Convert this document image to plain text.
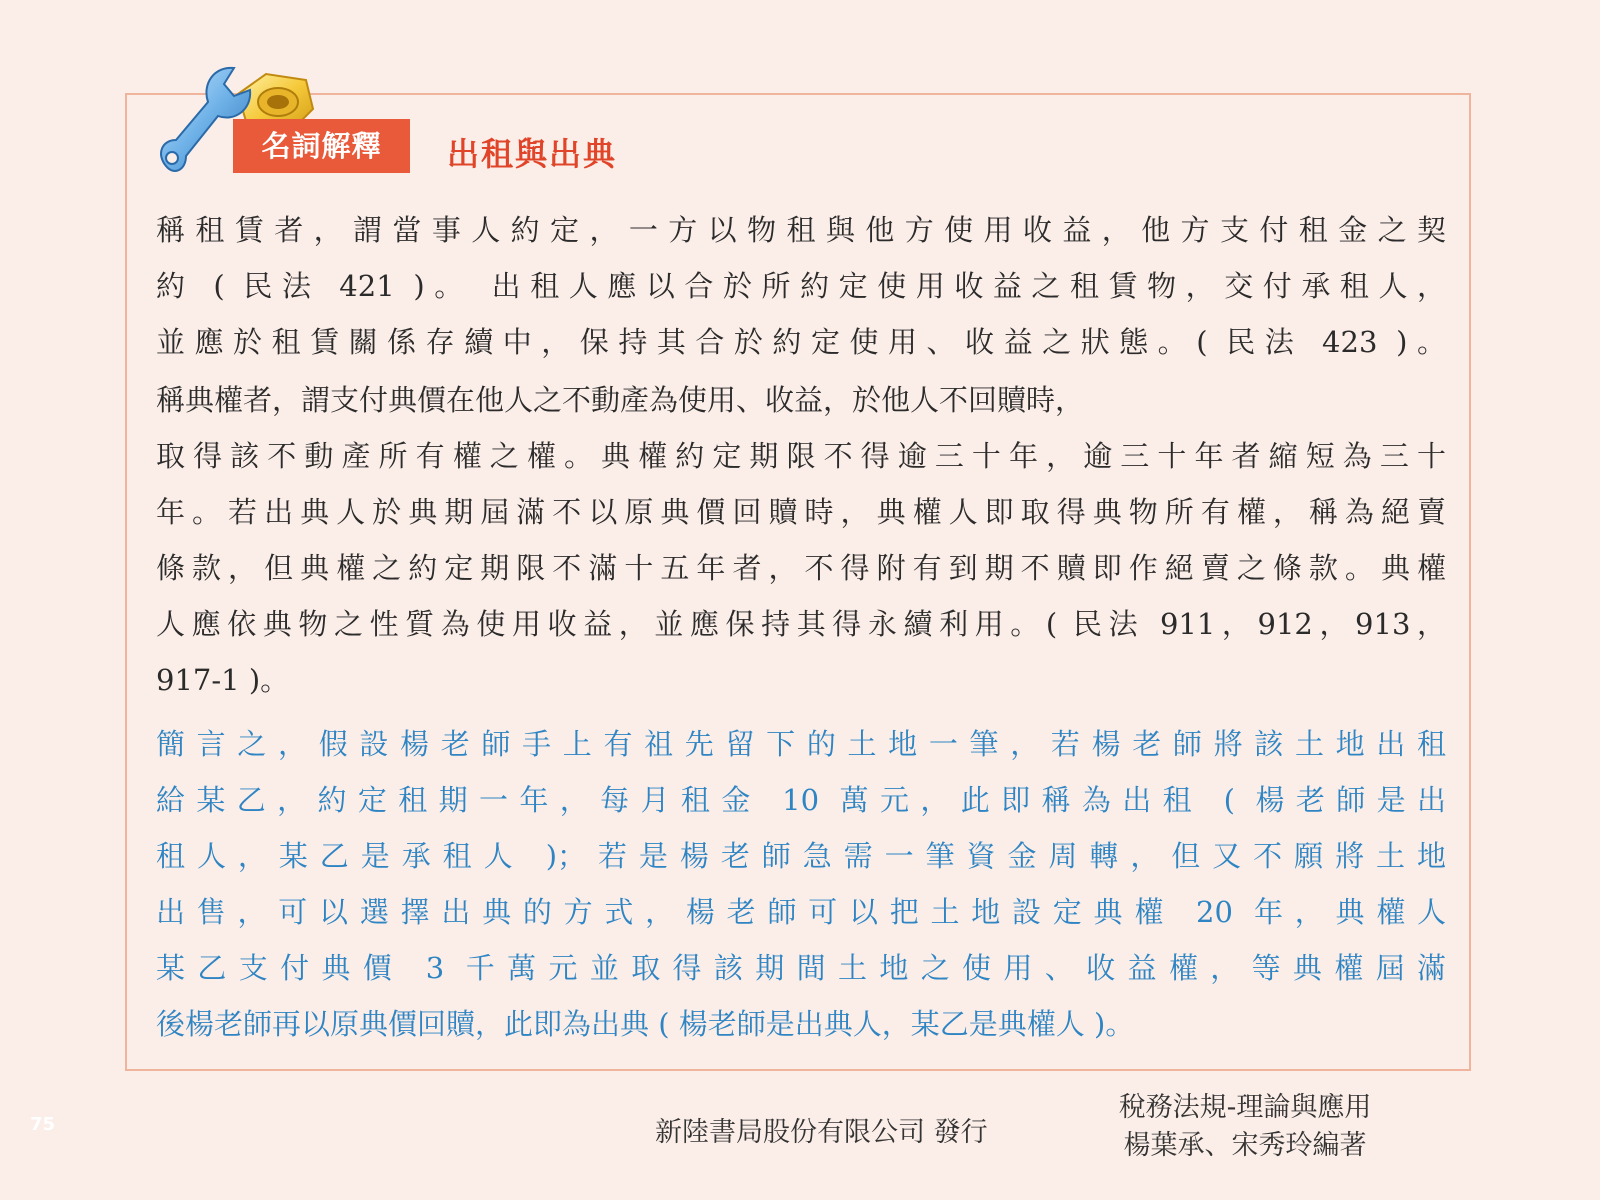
名詞解釋	出租與出典
稱租賃者，謂當事人約定，一方以物租與他方使用收益，他方支付租金之契
約 ( 民法 421 )。 出租人應以合於所約定使用收益之租賃物，交付承租人，
並應於租賃關係存續中，保持其合於約定使用、收益之狀態。( 民法 423 )。
稱典權者，謂支付典價在他人之不動產為使用、收益，於他人不回贖時，
取得該不動產所有權之權。典權約定期限不得逾三十年，逾三十年者縮短為三十
年。若出典人於典期屆滿不以原典價回贖時，典權人即取得典物所有權，稱為絕賣
條款，但典權之約定期限不滿十五年者，不得附有到期不贖即作絕賣之條款。典權
人應依典物之性質為使用收益，並應保持其得永續利用。( 民法 911，912，913，
917-1 )。
簡言之，假設楊老師手上有祖先留下的土地一筆，若楊老師將該土地出租
給某乙，約定租期一年，每月租金 10 萬元，此即稱為出租 ( 楊老師是出
租人，某乙是承租人 )；若是楊老師急需一筆資金周轉，但又不願將土地
出售，可以選擇出典的方式，楊老師可以把土地設定典權 20 年，典權人
某乙支付典價 3 千萬元並取得該期間土地之使用、收益權，等典權屆滿
後楊老師再以原典價回贖，此即為出典 ( 楊老師是出典人，某乙是典權人 )。
75	新陸書局股份有限公司 發行
稅務法規-理論與應用
楊葉承、宋秀玲編著
